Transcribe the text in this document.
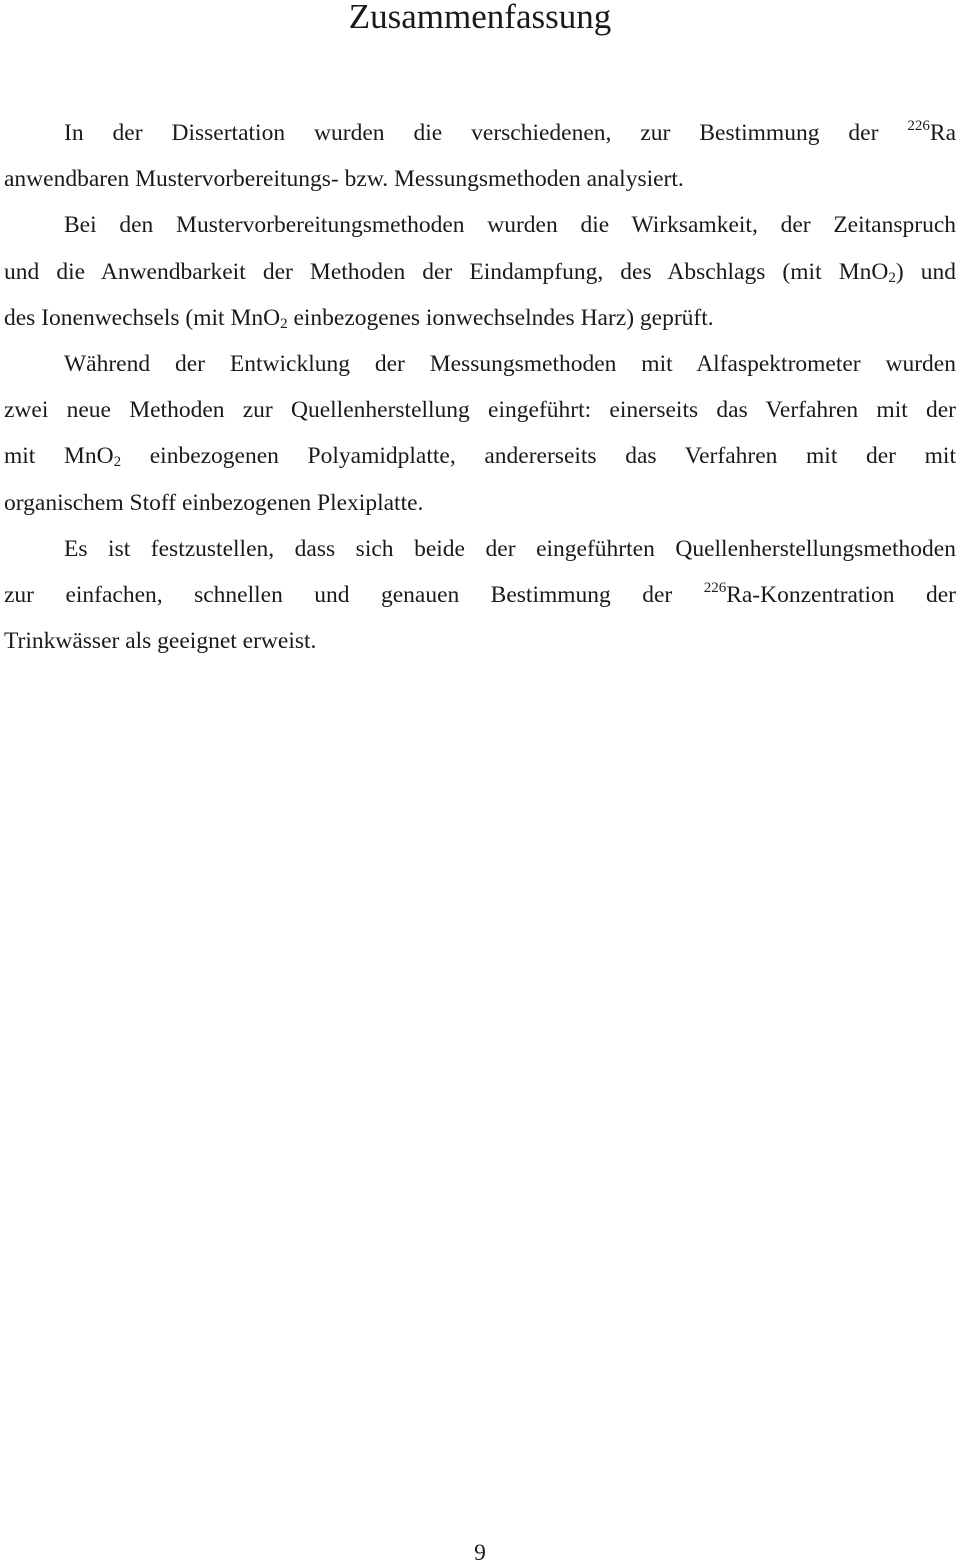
Zusammenfassung

In der Dissertation wurden die verschiedenen, zur Bestimmung der $^{226}$Ra
anwendbaren Mustervorbereitungs- bzw. Messungsmethoden analysiert.

Bei den Mustervorbereitungsmethoden wurden die Wirksamkeit, der Zeitanspruch
und die Anwendbarkeit der Methoden der Eindampfung, des Abschlags (mit MnO$_2$) und
des Ionenwechsels (mit MnO$_2$ einbezogenes ionwechselndes Harz) geprüft.

Während der Entwicklung der Messungsmethoden mit Alfaspektrometer wurden
zwei neue Methoden zur Quellenherstellung eingeführt: einerseits das Verfahren mit der
mit MnO$_2$ einbezogenen Polyamidplatte, andererseits das Verfahren mit der mit
organischem Stoff einbezogenen Plexiplatte.

Es ist festzustellen, dass sich beide der eingeführten Quellenherstellungsmethoden
zur einfachen, schnellen und genauen Bestimmung der $^{226}$Ra-Konzentration der
Trinkwässer als geeignet erweist.

9
